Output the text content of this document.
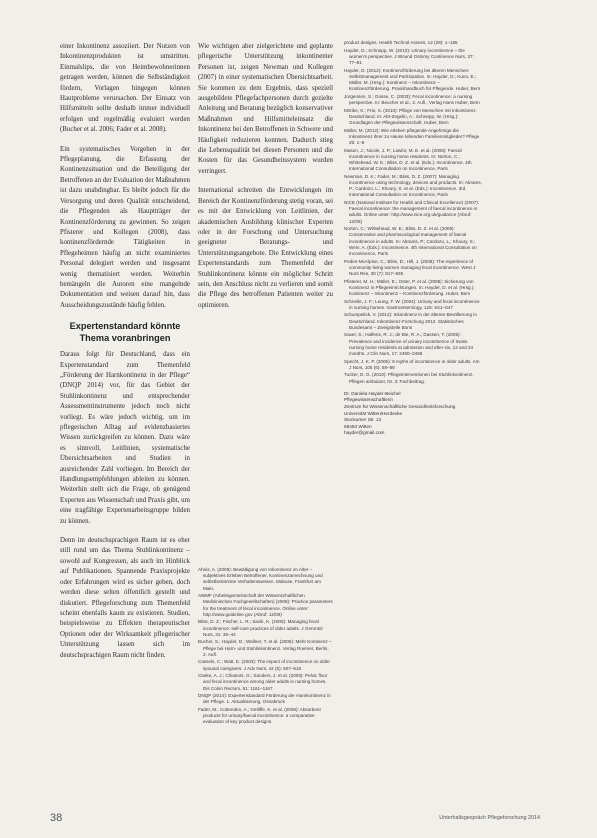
einer Inkontinenz assoziiert. Der Nutzen von Inkontinenzprodukten ist umstritten. Einmalslips, die von Heimbewohnerinnen getragen werden, können die Selbständigkeit fördern, Vorlagen hingegen können Hautprobleme verursachen. Der Einsatz von Hilfsmitteln sollte deshalb immer individuell erfolgen und regelmäßig evaluiert werden (Bucher et al. 2006; Fader et al. 2008).

Ein systematisches Vorgehen in der Pflegeplanung, die Erfassung der Kontinenzsituation und die Beteiligung der Betroffenen an der Evaluation der Maßnahmen ist dazu unabdingbar. Es bleibt jedoch für die Versorgung und deren Qualität entscheidend, die Pflegenden als Hauptträger der Kontinenzförderung zu gewinnen. So zeigen Pfisterer und Kollegen (2008), dass kontinenzfördernde Tätigkeiten in Pflegeheimen häufig an nicht examiniertes Personal delegiert werden und insgesamt wenig thematisiert werden. Weiterhin bemängeln die Autoren eine mangelnde Dokumentation und weisen darauf hin, dass Ausscheidungszustände häufig fehlen.

Expertenstandard könnte Thema voranbringen

Daraus folgt für Deutschland, dass ein Expertenstandard zum Themenfeld „Förderung der Harnkontinenz in der Pflege“ (DNQP 2014) vor, für das Gebiet der Stuhlinkontinenz und entsprechender Assessmentinstrumente jedoch noch nicht vorliegt. Es wäre jedoch wichtig, um im pflegerischen Alltag auf evidenzbasiertes Wissen zurückgreifen zu können. Dazu wäre es sinnvoll, Leitlinien, systematische Übersichtsarbeiten und Studien in ausreichender Zahl vorliegen. Im Bereich der Handlungsempfehlungen ableiten zu können. Weiterhin stellt sich die Frage, ob genügend Experten aus Wissenschaft und Praxis gibt, um eine tragfähige Expertenarbeitsgruppe bilden zu können.

Denn im deutschsprachigen Raum ist es eher still rund um das Thema Stuhlinkontinenz – sowohl auf Kongressen, als auch im Hinblick auf Publikationen. Spannende Praxisprojekte oder Erfahrungen wird es sicher geben, doch werden diese selten öffentlich gestellt und diskutiert. Pflegeforschung zum Themenfeld scheint ebenfalls kaum zu existieren. Studien, beispielsweise zu Effekten therapeutischer Optionen oder der Wirksamkeit pflegerischer Unterstützung lassen sich im deutschsprachigen Raum nicht finden.

Wie wichtigen aber zielgerichtete und geplante pflegerische Unterstützung inkontinenter Personen ist, zeigen Newman und Kollegen (2007) in einer systematischen Übersichtsarbeit. Sie kommen zu dem Ergebnis, dass speziell ausgebildete Pflegefachpersonen durch gezielte Anleitung und Beratung bezüglich konservativer Maßnahmen und Hilfsmitteleinsatz die Inkontinenz bei den Betroffenen in Schwere und Häufigkeit reduzieren konnten. Dadurch stieg die Lebensqualität bei diesen Personen und die Kosten für das Gesundheitssystem wurden verringert.

International schreiten die Entwicklungen im Bereich der Kontinenzförderung stetig voran, sei es mit der Entwicklung von Leitlinien, der akademischen Ausbildung klinischer Experten oder in der Forschung und Untersuchung geeigneter Beratungs- und Unterstützungsangebote. Die Entwicklung eines Expertenstandards zum Themenfeld der Stuhlinkontinenz könnte ein möglicher Schritt sein, den Anschluss nicht zu verlieren und somit die Pflege des betroffenen Patienten weiter zu optimieren.

Ahnis, A. (2009): Bewältigung von Inkontinenz im Alter – subjektives Erleben Betroffener, Kontinenzanrechnung und selbstbestimmte Verhaltensweisen. Mabuse, Frankfurt am Main.
AWMF (Arbeitsgemeinschaft der Wissenschaftlichen Medizinischen Fachgesellschaften) (2008): Practice parameters for the treatment of fecal incontinence. Online unter: http://www.guideline.gov (Abruf: 12/06)
Bliss, D. Z.; Fischer, L. R.; Savik, K. (2005): Managing fecal incontinence: self-care practices of older adults. J Gerontol Nurs, 31: 35–44
Bucher, S.; Hayder, D.; Wallner, T. et al. (2006): Mehr Kontinenz – Pflege bei Harn- und Stuhlinkontinenz. Verlag Roemer, Berlin, 2. Aufl.
Cassels, C.; Watt, E. (2003): The impact of incontinence on older spousal caregivers. J Adv Nurs, 42 (6): 607–616
Clarke, A. J.; Chiarioni, G.; Sanders, J. et al. (2008): Pelvic floor and fecal incontinence among older adults in nursing homes. Dis Colon Rectum, 51: 1161–1167
DNQP (2014): Expertenstandard Förderung der Harnkontinenz in der Pflege. 1. Aktualisierung, Osnabrück
Fader, M.; Cottenden, A.; Getliffe, K. et al. (2008): Absorbent products for urinary/faecal incontinence: a comparative evaluation of key product designs.
product designs. Health Technol Assess, 12 (29): 1–185
Hayder, D.; Schnepp, W. (2010): Urinary incontinence – the women's perspective. J Wound Ostomy Continence Nurs, 37: 77–81
Hayder, D. (2012): Kontinenzförderung bei älteren Menschen: Selbstmanagement und Partizipation. In: Hayder, D.; Kuno, E.; Müller, M. (Hrsg.): Kontinenz – Inkontinenz – Kontinenzförderung. Praxishandbuch für Pflegende. Huber, Bern
Jorgensen, S.; Gosse, C. (2003): Fecal incontinence: a nursing perspective. In: Beucher et al., 2. Aufl., Verlag Hans Huber, Bern
Mörike, K.; Frie, S. (2010): Pflege von Menschen mit Inkontinenz. Deutschland. In: Abt-Zegelin, A.; Schnepp, W. (Hrsg.): Grundlagen der Pflegewissenschaft. Huber, Bern
Müller, M. (2012): Wie erleben pflegende Angehörige die Inkontinenz ihrer zu Hause lebenden Familienmitglieder? Pflege 25: 1–8
Mason, J.; Nicole, J. P.; Lawlor, M. E. et al. (2008): Faecal incontinence in nursing home residents. In: Norton, C.; Whitehead, W. E.; Bliss, D. Z. et al. (Eds.): Incontinence. 4th International Consultation on Incontinence, Paris
Newman, D. K.; Fader, M.; Bliss, D. Z. (2007): Managing incontinence using technology, devices and products. In: Abrams, P.; Cardozo, L.; Khoury, S. et al. (Eds.): Incontinence. 3rd International Consultation on Incontinence, Paris
NICE (National Institute for Health and Clinical Excellence) (2007): Faecal incontinence: the management of faecal incontinence in adults. Online unter: http://www.nice.org.uk/guidance (Abruf: 12/06)
Norton, C.; Whitehead, W. E.; Bliss, D. Z. et al. (2009): Conservative and pharmacological management of faecal incontinence in adults. In: Abrams, P.; Cardozo, L.; Khoury, S.; Wein, A. (Eds.): Incontinence. 4th International Consultation on Incontinence, Paris
Peden-McAlpine, C.; Bliss, D.; Hill, J. (2008): The experience of community-living women managing fecal incontinence. West J Nurs Res, 30 (7): 817–835
Pfisterer, M. H.; Müller, E.; Oster, P. et al. (2008): Sicherung von Kontinenz in Pflegeeinrichtungen. In: Hayder, D. et al. (Hrsg.): Kontinenz – Inkontinenz – Kontinenzförderung. Huber, Bern
Schnelle, J. F.; Leung, F. W. (2004): Urinary and fecal incontinence in nursing homes. Gastroenterology, 126: S41–S47
Schumpelick, V. (2012): Inkontinenz in der älteren Bevölkerung in Deutschland. Inkontinenz-Forschung 2012. Statistisches Bundesamt – Zweigstelle Bonn
Saxer, S.; Halfens, R. J.; de Bie, R. A.; Dassen, T. (2008): Prevalence and incidence of urinary incontinence of Swiss nursing home residents at admission and after six, 12 and 24 months. J Clin Nurs, 17: 2490–2496
Specht, J. K. P. (2005): 9 myths of incontinence in older adults. Am J Nurs, 105 (6): 58–68
Tucker, D. G. (2010): Pflegeinterventionen bei Stuhlinkontinenz. Pflegen ambulant, Nr. 3: Fachbeitrag.
Dr. Daniela Hayder-Beichel
Pflegewissenschaftlerin
Zentrum für Wissenschaftliche Gesundheitsforschung
Universität Witten/Herdecke
Stockumer Str. 12
58453 Witten
hayder@gmail.com
38	Unterhaltsgespräch Pflegeforschung 2014
